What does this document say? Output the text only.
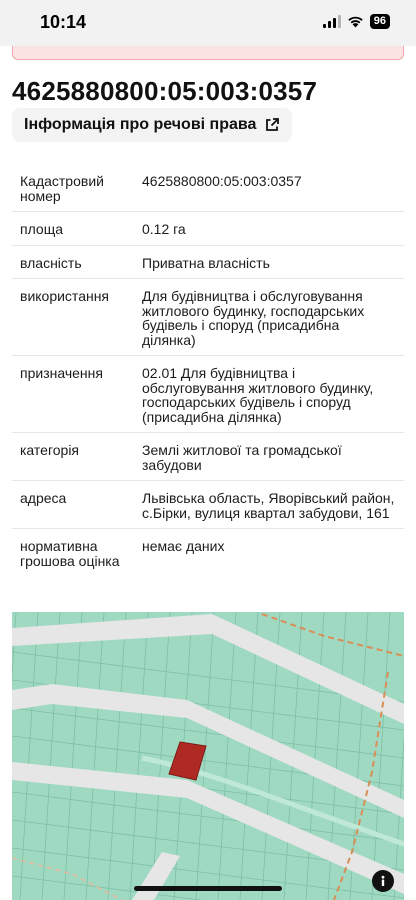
10:14	96
4625880800:05:003:0357
Інформація про речові права
Кадастровий номер	4625880800:05:003:0357
площа	0.12 га
власність	Приватна власність
використання	Для будівництва і обслуговування житлового будинку, господарських будівель і споруд (присадибна ділянка)
призначення	02.01 Для будівництва і обслуговування житлового будинку, господарських будівель і споруд (присадибна ділянка)
категорія	Землі житлової та громадської забудови
адреса	Львівська область, Яворівський район, с.Бірки, вулиця квартал забудови, 161
нормативна грошова оцінка	немає даних
